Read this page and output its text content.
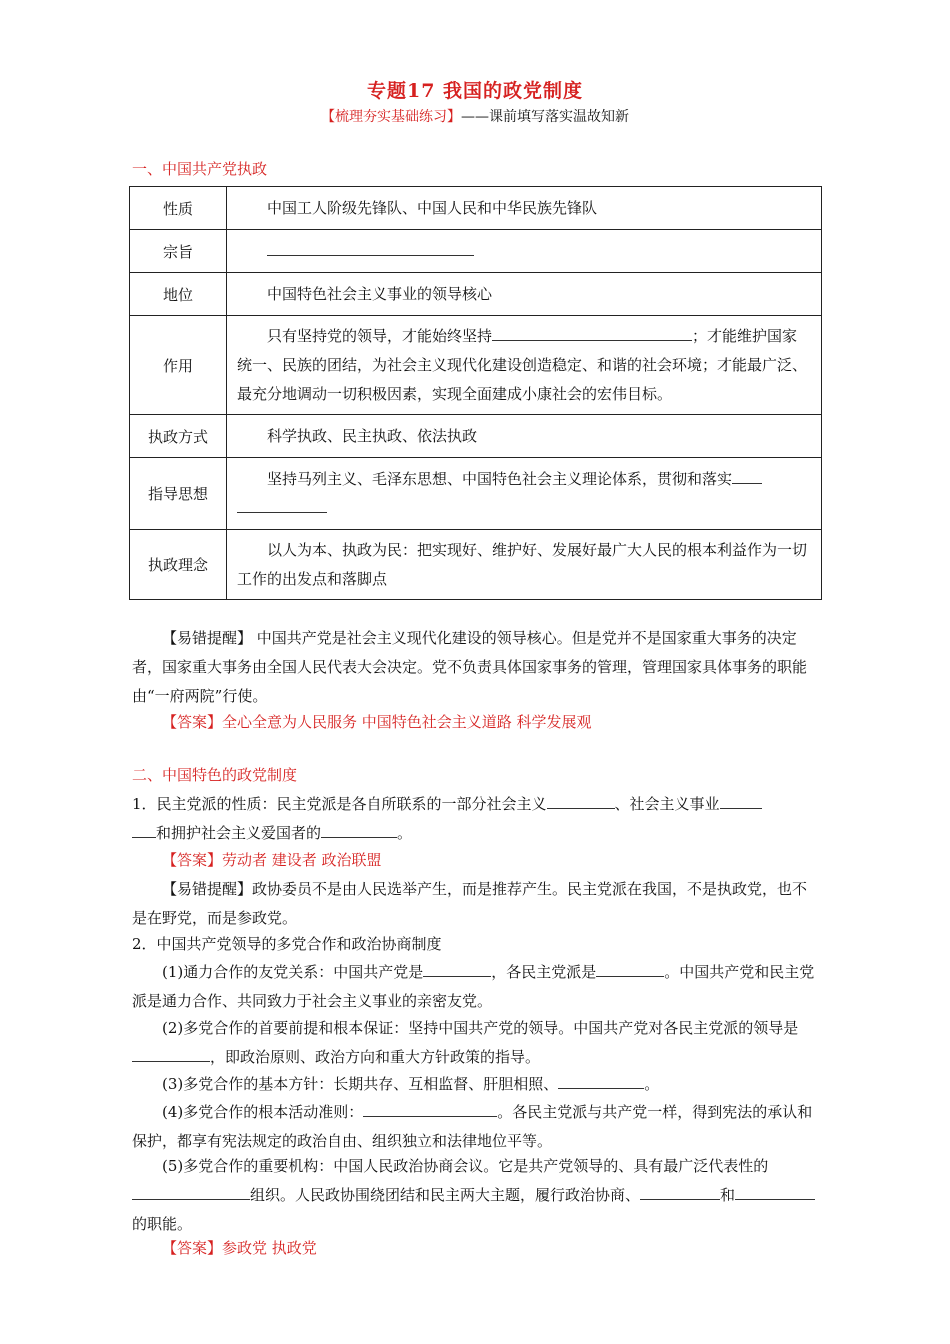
专题17 我国的政党制度
【梳理夯实基础练习】——课前填写落实温故知新
一、中国共产党执政
性质	中国工人阶级先锋队、中国人民和中华民族先锋队
宗旨	
地位	中国特色社会主义事业的领导核心
作用	只有坚持党的领导，才能始终坚持 ；才能维护国家统一、民族的团结，为社会主义现代化建设创造稳定、和谐的社会环境；才能最广泛、最充分地调动一切积极因素，实现全面建成小康社会的宏伟目标。
执政方式	科学执政、民主执政、依法执政
指导思想	坚持马列主义、毛泽东思想、中国特色社会主义理论体系，贯彻和落实
执政理念	以人为本、执政为民：把实现好、维护好、发展好最广大人民的根本利益作为一切工作的出发点和落脚点
【易错提醒】 中国共产党是社会主义现代化建设的领导核心。但是党并不是国家重大事务的决定者，国家重大事务由全国人民代表大会决定。党不负责具体国家事务的管理，管理国家具体事务的职能由“一府两院”行使。
【答案】全心全意为人民服务 中国特色社会主义道路 科学发展观
二、中国特色的政党制度
1．民主党派的性质：民主党派是各自所联系的一部分社会主义	、社会主义事业
和拥护社会主义爱国者的	。
【答案】劳动者 建设者 政治联盟
【易错提醒】政协委员不是由人民选举产生，而是推荐产生。民主党派在我国，不是执政党，也不是在野党，而是参政党。
2．中国共产党领导的多党合作和政治协商制度
(1)通力合作的友党关系：中国共产党是	，各民主党派是	。中国共产党和民主党派是通力合作、共同致力于社会主义事业的亲密友党。
(2)多党合作的首要前提和根本保证：坚持中国共产党的领导。中国共产党对各民主党派的领导是，即政治原则、政治方向和重大方针政策的指导。
(3)多党合作的基本方针：长期共存、互相监督、肝胆相照、	。
(4)多党合作的根本活动准则：	。各民主党派与共产党一样，得到宪法的承认和保护，都享有宪法规定的政治自由、组织独立和法律地位平等。
(5)多党合作的重要机构：中国人民政治协商会议。它是共产党领导的、具有最广泛代表性的组织。人民政协围绕团结和民主两大主题，履行政治协商、	和的职能。
【答案】参政党 执政党
